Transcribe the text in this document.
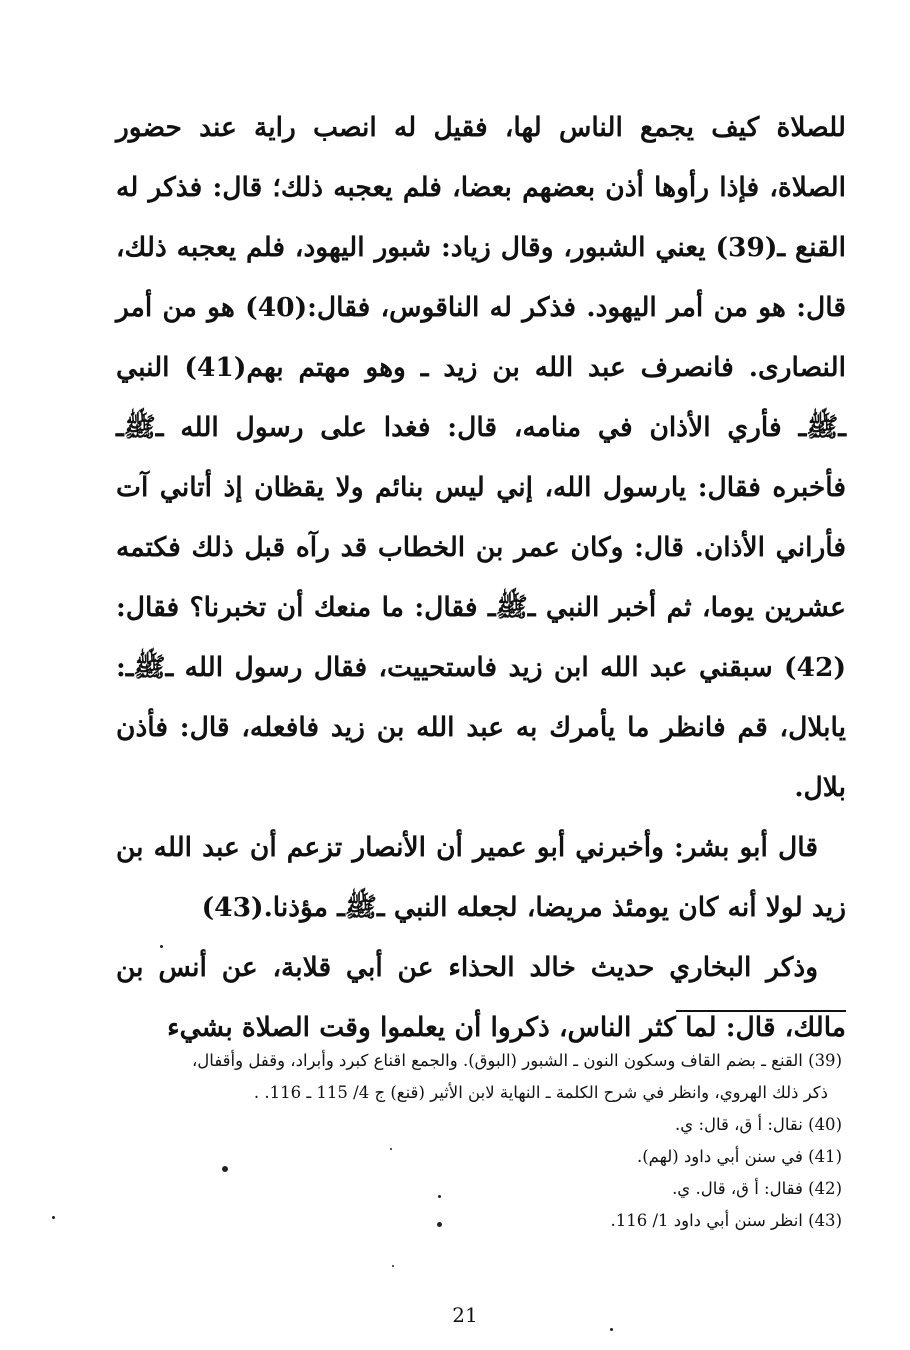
للصلاة كيف يجمع الناس لها، فقيل له انصب راية عند حضور الصلاة، فإذا رأوها أذن بعضهم بعضا، فلم يعجبه ذلك؛ قال: فذكر له القنع ـ(39) يعني الشبور، وقال زياد: شبور اليهود، فلم يعجبه ذلك، قال: هو من أمر اليهود. فذكر له الناقوس، فقال:(40) هو من أمر النصارى. فانصرف عبد الله بن زيد ـ وهو مهتم بهم(41) النبي ـﷺـ فأري الأذان في منامه، قال: فغدا على رسول الله ـﷺـ فأخبره فقال: يارسول الله، إني ليس بنائم ولا يقظان إذ أتاني آت فأراني الأذان. قال: وكان عمر بن الخطاب قد رآه قبل ذلك فكتمه عشرين يوما، ثم أخبر النبي ـﷺـ فقال: ما منعك أن تخبرنا؟ فقال:(42) سبقني عبد الله ابن زيد فاستحييت، فقال رسول الله ـﷺـ: يابلال، قم فانظر ما يأمرك به عبد الله بن زيد فافعله، قال: فأذن بلال.

قال أبو بشر: وأخبرني أبو عمير أن الأنصار تزعم أن عبد الله بن زيد لولا أنه كان يومئذ مريضا، لجعله النبي ـﷺـ مؤذنا.(43)

وذكر البخاري حديث خالد الحذاء عن أبي قلابة، عن أنس بن مالك، قال: لما كثر الناس، ذكروا أن يعلموا وقت الصلاة بشيء

(39) القنع ـ بضم القاف وسكون النون ـ الشبور (البوق). والجمع اقناع كبرد وأبراد، وقفل وأقفال،

ذكر ذلك الهروي، وانظر في شرح الكلمة ـ النهاية لابن الأثير (قنع) ج 4/ 115 ـ 116. .

(40) نقال: أ ق، قال: ي.

(41) في سنن أبي داود (لهم).

(42) فقال: أ ق، قال. ي.

(43) انظر سنن أبي داود 1/ 116.

21
